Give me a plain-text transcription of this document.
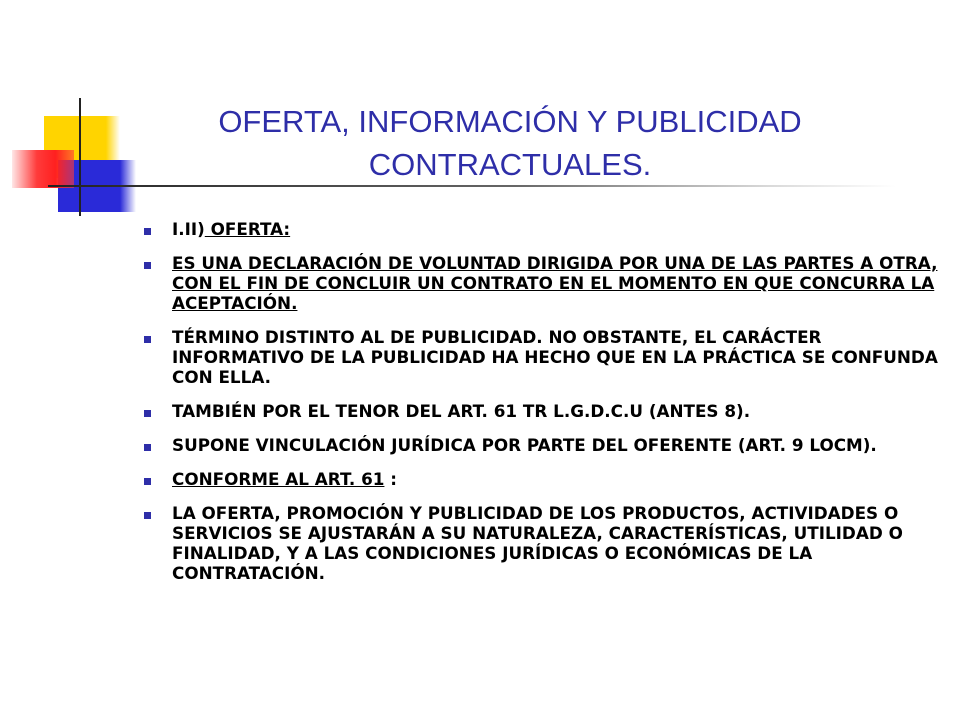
OFERTA, INFORMACIÓN Y PUBLICIDAD
CONTRACTUALES.
I.II) OFERTA:
ES UNA DECLARACIÓN DE VOLUNTAD DIRIGIDA POR UNA DE LAS PARTES A OTRA, CON EL FIN DE CONCLUIR UN CONTRATO EN EL MOMENTO EN QUE CONCURRA LA ACEPTACIÓN.
TÉRMINO DISTINTO AL DE PUBLICIDAD. NO OBSTANTE, EL CARÁCTER INFORMATIVO DE LA PUBLICIDAD HA HECHO QUE EN LA PRÁCTICA SE CONFUNDA CON ELLA.
TAMBIÉN POR EL TENOR DEL ART. 61 TR L.G.D.C.U (ANTES 8).
SUPONE VINCULACIÓN JURÍDICA POR PARTE DEL OFERENTE (ART. 9 LOCM).
CONFORME AL ART. 61 :
LA OFERTA, PROMOCIÓN Y PUBLICIDAD DE LOS PRODUCTOS, ACTIVIDADES O SERVICIOS SE AJUSTARÁN A SU NATURALEZA, CARACTERÍSTICAS, UTILIDAD O FINALIDAD, Y A LAS CONDICIONES JURÍDICAS O ECONÓMICAS DE LA CONTRATACIÓN.
